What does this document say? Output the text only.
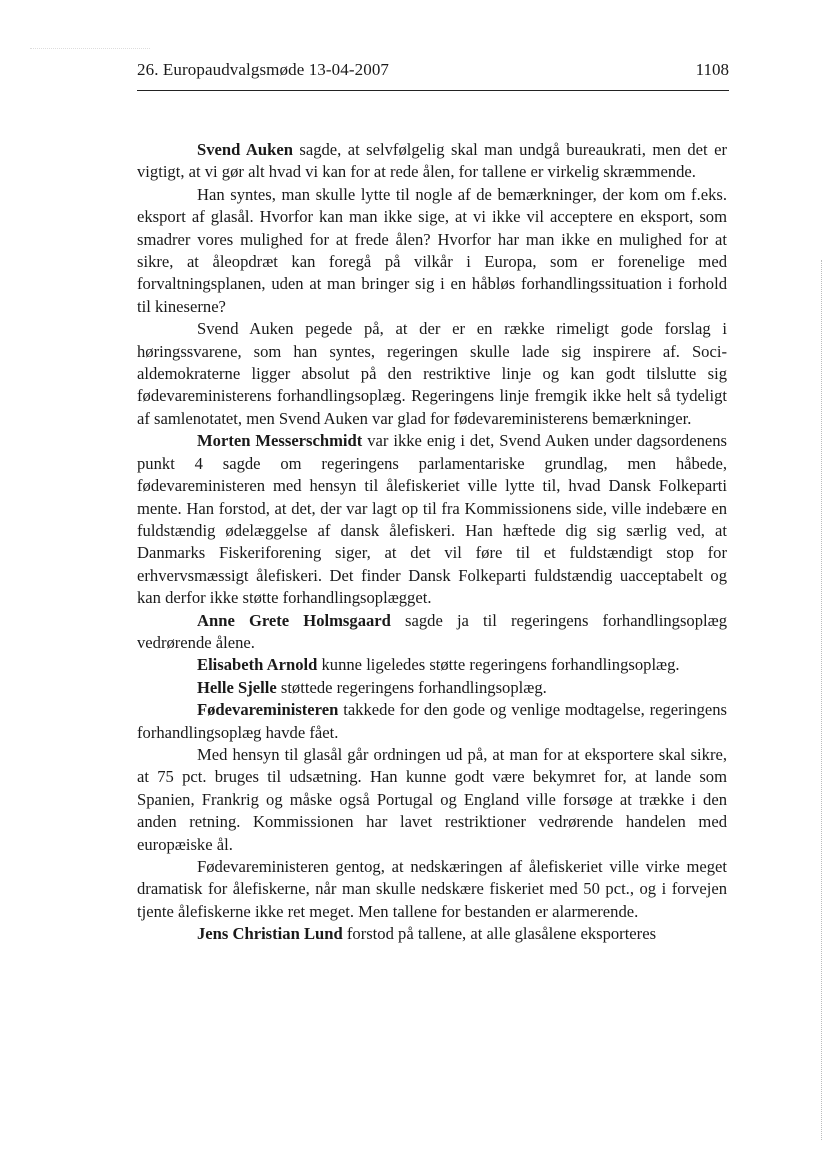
26. Europaudvalgsmøde 13-04-2007	1108

Svend Auken sagde, at selvfølgelig skal man undgå bureaukrati, men det er vigtigt, at vi gør alt hvad vi kan for at rede ålen, for tallene er virkelig skræmmende.

Han syntes, man skulle lytte til nogle af de bemærkninger, der kom om f.eks. eksport af glasål. Hvorfor kan man ikke sige, at vi ikke vil acceptere en eksport, som smadrer vores mulighed for at frede ålen? Hvorfor har man ikke en mulighed for at sikre, at åleopdræt kan foregå på vilkår i Europa, som er forenelige med forvaltningsplanen, uden at man bringer sig i en håbløs forhandlingssituation i forhold til kineserne?

Svend Auken pegede på, at der er en række rimeligt gode forslag i høringssvarene, som han syntes, regeringen skulle lade sig inspirere af. Socialdemokraterne ligger absolut på den restriktive linje og kan godt tilslutte sig fødevareministerens forhandlingsoplæg. Regeringens linje fremgik ikke helt så tydeligt af samlenotatet, men Svend Auken var glad for fødevareministerens bemærkninger.

Morten Messerschmidt var ikke enig i det, Svend Auken under dagsordenens punkt 4 sagde om regeringens parlamentariske grundlag, men håbede, fødevareministeren med hensyn til ålefiskeriet ville lytte til, hvad Dansk Folkeparti mente. Han forstod, at det, der var lagt op til fra Kommissionens side, ville indebære en fuldstændig ødelæggelse af dansk ålefiskeri. Han hæftede dig sig særlig ved, at Danmarks Fiskeriforening siger, at det vil føre til et fuldstændigt stop for erhvervsmæssigt ålefiskeri. Det finder Dansk Folkeparti fuldstændig uacceptabelt og kan derfor ikke støtte forhandlingsoplægget.

Anne Grete Holmsgaard sagde ja til regeringens forhandlingsoplæg vedrørende ålene.

Elisabeth Arnold kunne ligeledes støtte regeringens forhandlingsoplæg.

Helle Sjelle støttede regeringens forhandlingsoplæg.

Fødevareministeren takkede for den gode og venlige modtagelse, regeringens forhandlingsoplæg havde fået.

Med hensyn til glasål går ordningen ud på, at man for at eksportere skal sikre, at 75 pct. bruges til udsætning. Han kunne godt være bekymret for, at lande som Spanien, Frankrig og måske også Portugal og England ville forsøge at trække i den anden retning. Kommissionen har lavet restriktioner vedrørende handelen med europæiske ål.

Fødevareministeren gentog, at nedskæringen af ålefiskeriet ville virke meget dramatisk for ålefiskerne, når man skulle nedskære fiskeriet med 50 pct., og i forvejen tjente ålefiskerne ikke ret meget. Men tallene for bestanden er alarmerende.

Jens Christian Lund forstod på tallene, at alle glasålene eksporteres
